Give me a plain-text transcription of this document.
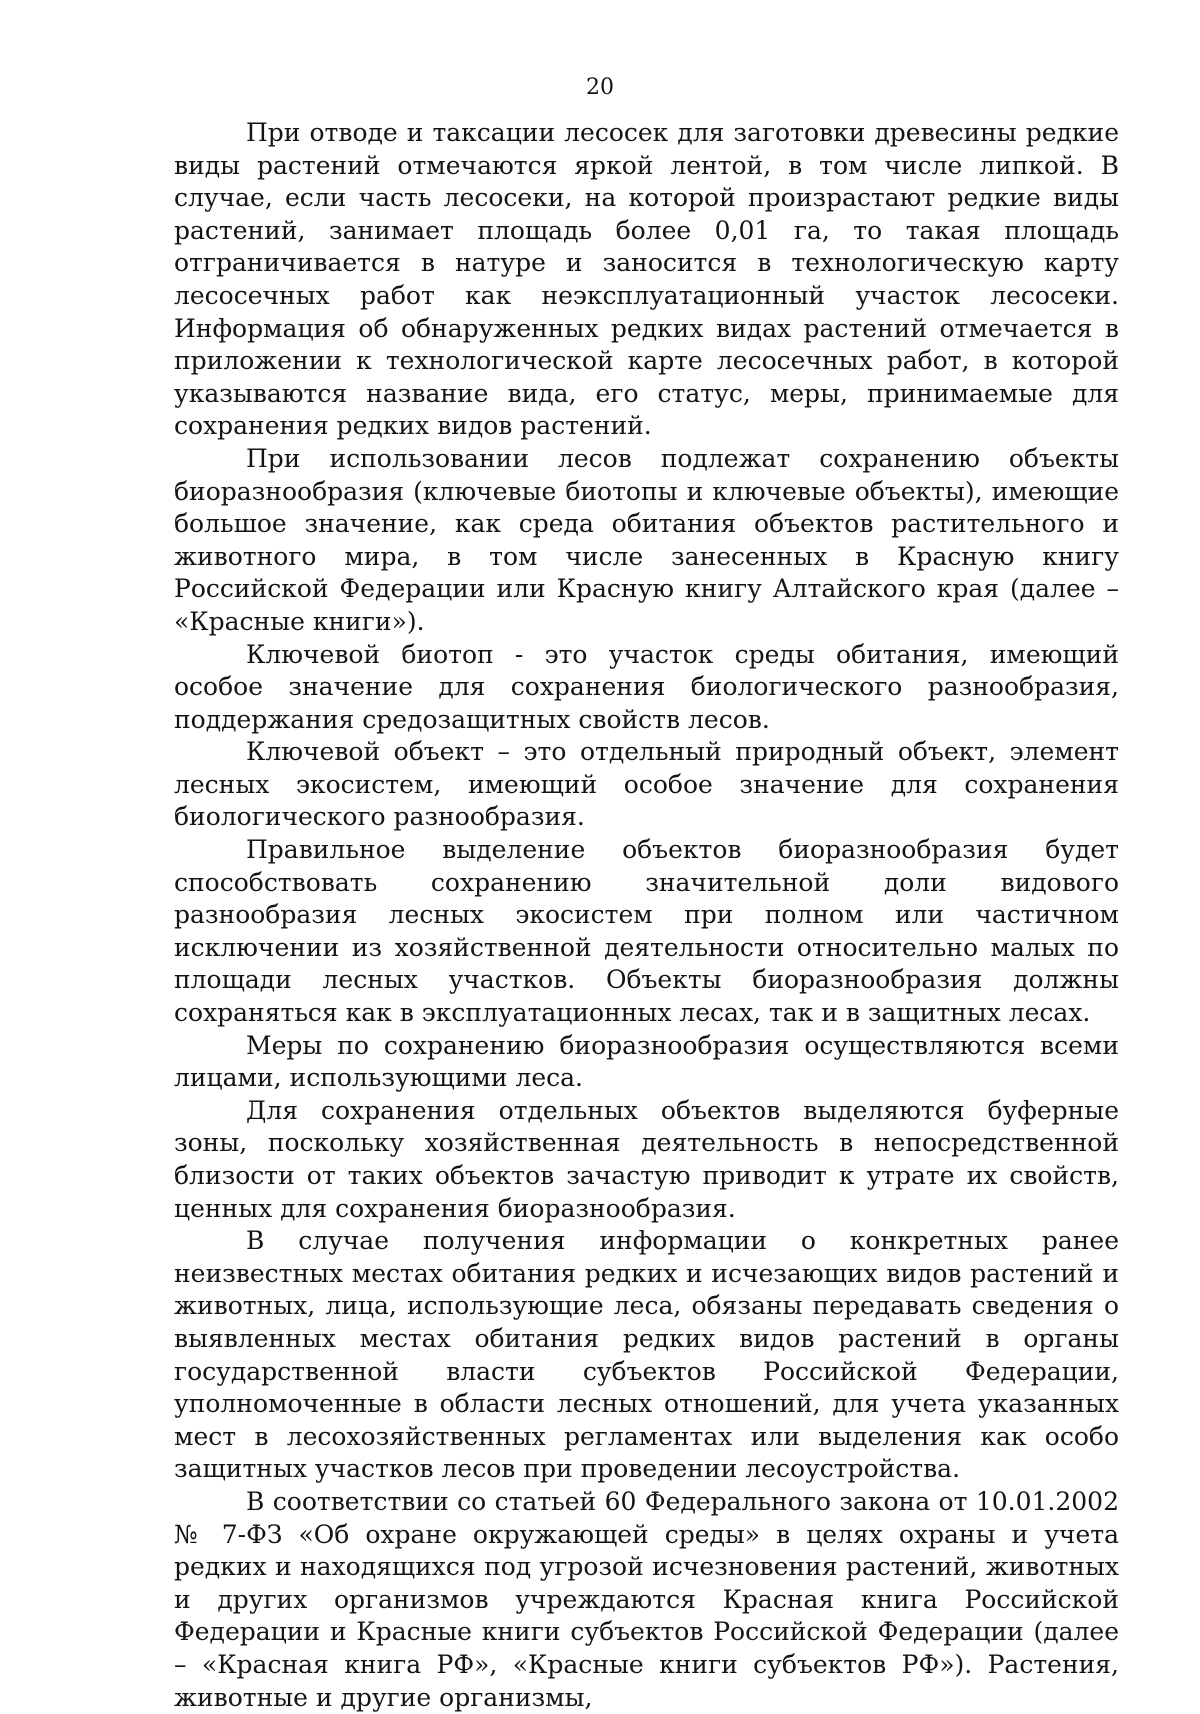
20

При отводе и таксации лесосек для заготовки древесины редкие виды растений отмечаются яркой лентой, в том числе липкой. В случае, если часть лесосеки, на которой произрастают редкие виды растений, занимает площадь более 0,01 га, то такая площадь отграничивается в натуре и заносится в технологическую карту лесосечных работ как неэксплуатационный участок лесосеки. Информация об обнаруженных редких видах растений отмечается в приложении к технологической карте лесосечных работ, в которой указываются название вида, его статус, меры, принимаемые для сохранения редких видов растений.

При использовании лесов подлежат сохранению объекты биоразнообразия (ключевые биотопы и ключевые объекты), имеющие большое значение, как среда обитания объектов растительного и животного мира, в том числе занесенных в Красную книгу Российской Федерации или Красную книгу Алтайского края (далее – «Красные книги»).

Ключевой биотоп - это участок среды обитания, имеющий особое значение для сохранения биологического разнообразия, поддержания средозащитных свойств лесов.

Ключевой объект – это отдельный природный объект, элемент лесных экосистем, имеющий особое значение для сохранения биологического разнообразия.

Правильное выделение объектов биоразнообразия будет способствовать сохранению значительной доли видового разнообразия лесных экосистем при полном или частичном исключении из хозяйственной деятельности относительно малых по площади лесных участков. Объекты биоразнообразия должны сохраняться как в эксплуатационных лесах, так и в защитных лесах.

Меры по сохранению биоразнообразия осуществляются всеми лицами, использующими леса.

Для сохранения отдельных объектов выделяются буферные зоны, поскольку хозяйственная деятельность в непосредственной близости от таких объектов зачастую приводит к утрате их свойств, ценных для сохранения биоразнообразия.

В случае получения информации о конкретных ранее неизвестных местах обитания редких и исчезающих видов растений и животных, лица, использующие леса, обязаны передавать сведения о выявленных местах обитания редких видов растений в органы государственной власти субъектов Российской Федерации, уполномоченные в области лесных отношений, для учета указанных мест в лесохозяйственных регламентах или выделения как особо защитных участков лесов при проведении лесоустройства.

В соответствии со статьей 60 Федерального закона от 10.01.2002 № 7-ФЗ «Об охране окружающей среды» в целях охраны и учета редких и находящихся под угрозой исчезновения растений, животных и других организмов учреждаются Красная книга Российской Федерации и Красные книги субъектов Российской Федерации (далее – «Красная книга РФ», «Красные книги субъектов РФ»). Растения, животные и другие организмы,
